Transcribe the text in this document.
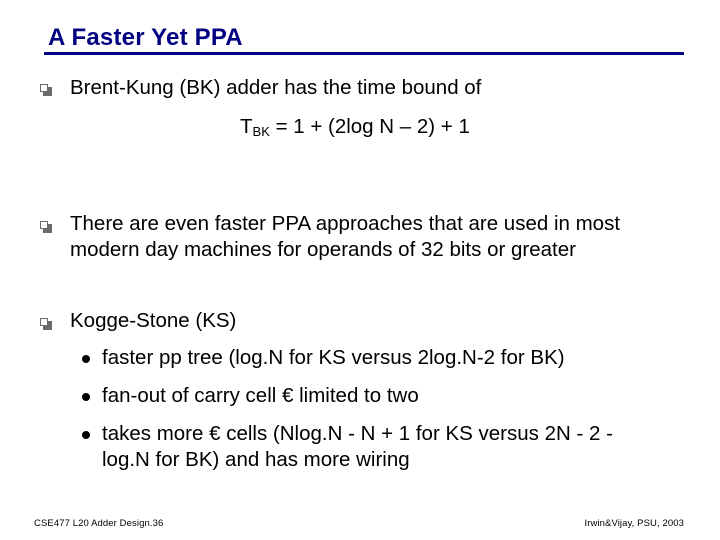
A Faster Yet PPA
Brent-Kung (BK) adder has the time bound of
$T_{BK} = 1 + (2\log$ N – 2) + 1
There are even faster PPA approaches that are used in most modern day machines for operands of 32 bits or greater
Kogge-Stone (KS)
faster pp tree (log.N for KS versus 2log.N-2 for BK)
fan-out of carry cell € limited to two
takes more € cells (Nlog.N - N + 1 for KS versus 2N - 2 - log.N for BK) and has more wiring
CSE477 L20 Adder Design.36	Irwin&Vijay, PSU, 2003
